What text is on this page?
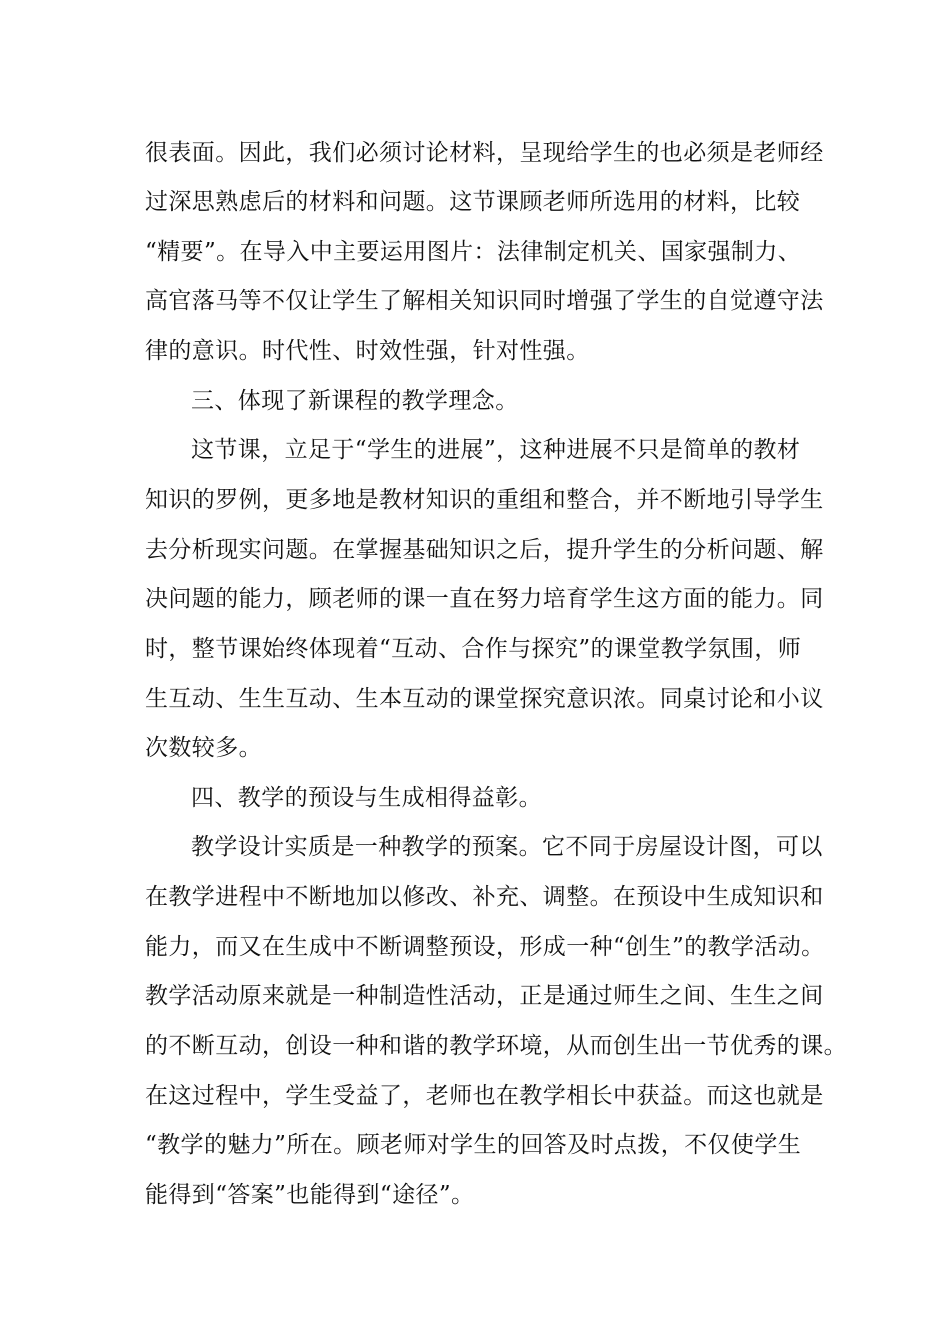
很表面。因此，我们必须讨论材料，呈现给学生的也必须是老师经
过深思熟虑后的材料和问题。这节课顾老师所选用的材料，比较
“精要”。在导入中主要运用图片：法律制定机关、国家强制力、
高官落马等不仅让学生了解相关知识同时增强了学生的自觉遵守法
律的意识。时代性、时效性强，针对性强。
三、体现了新课程的教学理念。
这节课，立足于“学生的进展”，这种进展不只是简单的教材
知识的罗例，更多地是教材知识的重组和整合，并不断地引导学生
去分析现实问题。在掌握基础知识之后，提升学生的分析问题、解
决问题的能力，顾老师的课一直在努力培育学生这方面的能力。同
时，整节课始终体现着“互动、合作与探究”的课堂教学氛围，师
生互动、生生互动、生本互动的课堂探究意识浓。同桌讨论和小议
次数较多。
四、教学的预设与生成相得益彰。
教学设计实质是一种教学的预案。它不同于房屋设计图，可以
在教学进程中不断地加以修改、补充、调整。在预设中生成知识和
能力，而又在生成中不断调整预设，形成一种“创生”的教学活动。
教学活动原来就是一种制造性活动，正是通过师生之间、生生之间
的不断互动，创设一种和谐的教学环境，从而创生出一节优秀的课。
在这过程中，学生受益了，老师也在教学相长中获益。而这也就是
“教学的魅力”所在。顾老师对学生的回答及时点拨，不仅使学生
能得到“答案”也能得到“途径”。
